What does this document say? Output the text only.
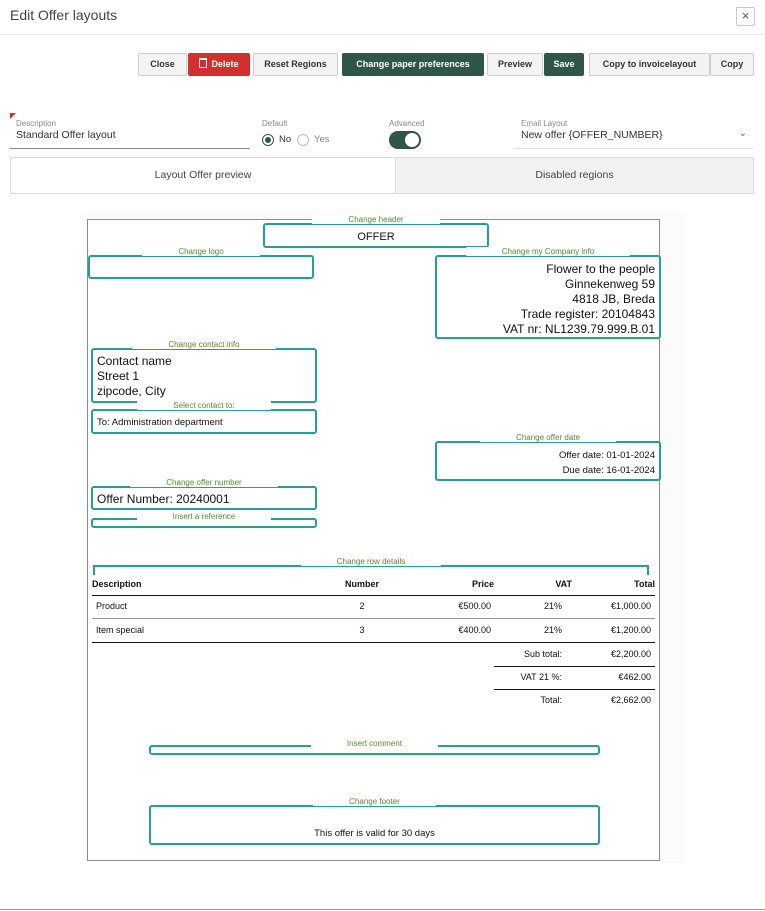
Edit Offer layouts	×
Close	Delete	Reset Regions	Change paper preferences	Preview	Save	Copy to invoicelayout	Copy
Description
Standard Offer layout
Default
No Yes
Advanced	Email Layout
New offer {OFFER_NUMBER}	⌄
Layout Offer preview	Disabled regions
Change header
OFFER
Change logo	Change my Company info
Flower to the people
Ginnekenweg 59
4818 JB, Breda
Trade register: 20104843
VAT nr: NL1239.79.999.B.01
Change contact info
Contact name
Street 1
zipcode, City
Select contact to:
To: Administration department
Change offer date
Offer date: 01-01-2024
Due date: 16-01-2024
Change offer number
Offer Number: 20240001
Insert a reference
Change row details
Description	Number	Price	VAT	Total
Product	2	€500.00	21%	€1,000.00
Item special	3	€400.00	21%	€1,200.00
Sub total:	€2,200.00
VAT 21 %:	€462.00
Total:	€2,662.00
Insert comment
Change footer
This offer is valid for 30 days
